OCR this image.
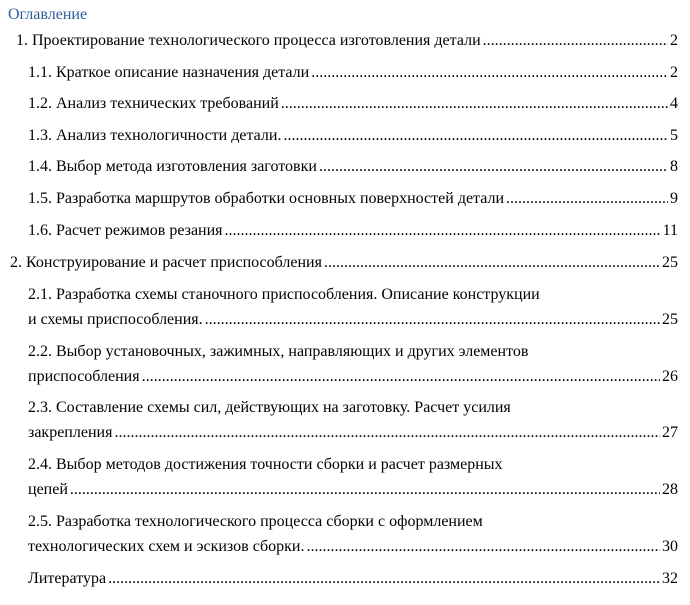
Оглавление
1. Проектирование технологического процесса изготовления детали . . .	2
1.1. Краткое описание назначения детали . . .	2
1.2. Анализ технических требований . . .	4
1.3. Анализ технологичности детали. . . .	5
1.4. Выбор метода изготовления заготовки . . .	8
1.5. Разработка маршрутов обработки основных поверхностей детали . . .	9
1.6. Расчет режимов резания . . .	11
2. Конструирование и расчет приспособления . . .	25
2.1. Разработка схемы станочного приспособления. Описание конструкции
и схемы приспособления. . . .	25
2.2. Выбор установочных, зажимных, направляющих и других элементов
приспособления . . .	26
2.3. Составление схемы сил, действующих на заготовку. Расчет усилия
закрепления . . .	27
2.4. Выбор методов достижения точности сборки и расчет размерных
цепей . . .	28
2.5. Разработка технологического процесса сборки с оформлением
технологических схем и эскизов сборки. . . .	30
Литература . . .	32
